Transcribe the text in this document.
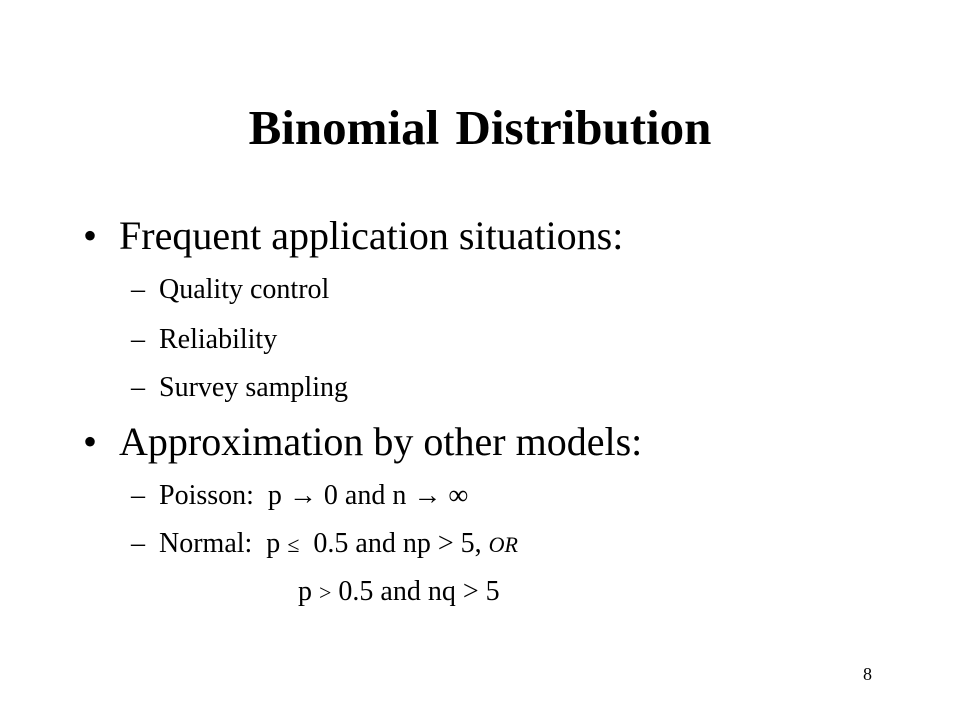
Binomial Distribution
• Frequent application situations:
– Quality control
– Reliability
– Survey sampling
• Approximation by other models:
– Poisson:  p → 0 and n → ∞
– Normal:  p ≤  0.5 and np > 5, OR
p > 0.5 and nq > 5
8
